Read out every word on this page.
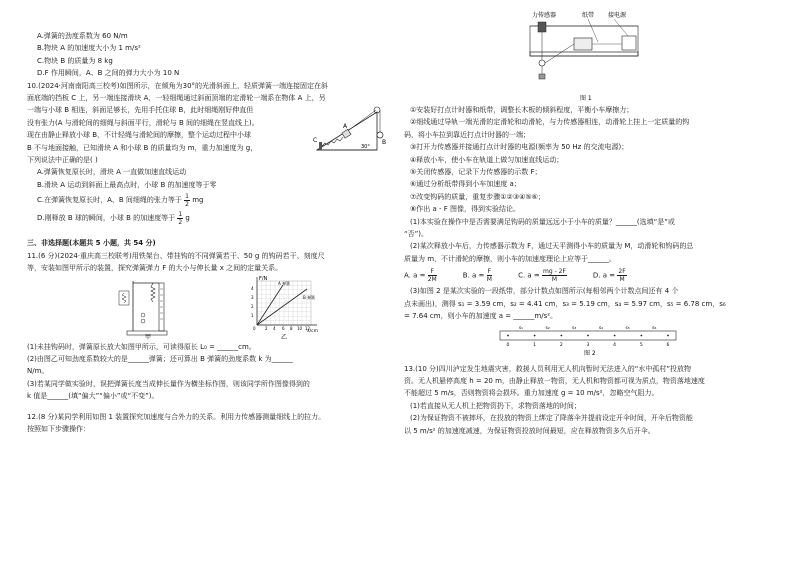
A.弹簧的劲度系数为 60 N/m
B.物块 A 的加速度大小为 1 m/s²
C.物块 B 的质量为 8 kg
D.F 作用瞬间，A、B 之间的弹力大小为 10 N
10.(2024·河南南阳高三校考)如图所示，在倾角为30°的光滑斜面上，轻质弹簧一端连接固定在斜
面底端的挡板 C 上，另一端连接滑块 A，一轻细绳通过斜面顶端的定滑轮一端系在物体 A 上，另
一端与小球 B 相连，斜面足够长，先用手托住球 B，此时细绳刚好伸直但
没有张力(A 与滑轮间的细绳与斜面平行，滑轮与 B 间的细绳在竖直线上)。
现在由静止释放小球 B，不计轻绳与滑轮间的摩擦，整个运动过程中小球
B 不与地面接触，已知滑块 A 和小球 B 的质量均为 m，重力加速度为 g，
下列说法中正确的是( )
A
B
C
30°
A.弹簧恢复原长时，滑块 A 一直做加速直线运动
B.滑块 A 运动到斜面上最高点时，小球 B 的加速度等于零
C.在弹簧恢复原长时，A、B 间细绳的张力等于 $\frac{1}{2}$ mg
D.刚释放 B 球的瞬间，小球 B 的加速度等于 $\frac{1}{2}$ g
三、非选择题(本题共 5 小题，共 54 分)
11.(6 分)(2024·重庆高三校联考)用铁架台、带挂钩的不同弹簧若干、50 g 的钩码若干、刻度尺
等，安装如图甲所示的装置，探究弹簧弹力 F 的大小与伸长量 x 之间的定量关系。
甲
F/N
x/cm
A 弹簧
B 弹簧
4
3
2
1
0 2 4 6 8 10 12
乙
(1)未挂钩码时，弹簧原长放大如图甲所示，可读得原长 L₀ = ______cm。
(2)由图乙可知劲度系数较大的是______弹簧；还可算出 B 弹簧的劲度系数 k 为______
N/m。
(3)若某同学做实验时，误把弹簧长度当成伸长量作为横坐标作图，则该同学所作图像得到的
k 值是______(填“偏大”“偏小”或“不变”)。
12.(8 分)某同学利用如图 1 装置探究加速度与合外力的关系。利用力传感器测量细线上的拉力。
按照如下步骤操作：
力传感器	纸带 接电源
图 1
①安装好打点计时器和纸带，调整长木板的倾斜程度，平衡小车摩擦力；
②细线通过导轨一端光滑的定滑轮和动滑轮，与力传感器相连，动滑轮上挂上一定质量的钩
码，将小车拉到靠近打点计时器的一端；
③打开力传感器并接通打点计时器的电源(频率为 50 Hz 的交流电源)；
④释放小车，使小车在轨道上做匀加速直线运动；
⑤关闭传感器，记录下力传感器的示数 F；
⑥通过分析纸带得到小车加速度 a；
⑦改变钩码的质量，重复步骤①②③④⑤⑥；
⑧作出 a - F 图像，得到实验结论。
(1)本实验在操作中是否需要满足钩码的质量远远小于小车的质量？______(选填“是”或
“否”)。
(2)某次释放小车后，力传感器示数为 F，通过天平测得小车的质量为 M，动滑轮和钩码的总
质量为 m，不计滑轮的摩擦，则小车的加速度理论上应等于______。
A. $a = \frac{F}{2M}$	B. $a = \frac{F}{M}$	C. $a = \frac{mg - 2F}{M}$	D. $a = \frac{2F}{M}$
(3)如图 2 是某次实验的一段纸带，部分计数点如图所示(每相邻两个计数点间还有 4 个
点未画出)，测得 s₁ = 3.59 cm，s₂ = 4.41 cm，s₃ = 5.19 cm，s₄ = 5.97 cm，s₅ = 6.78 cm，s₆
= 7.64 cm，则小车的加速度 a = ______m/s²。
0	1	2	3	4	5	6
s₁	s₂	s₃	s₄	s₅	s₆
图 2
13.(10 分)四川泸定发生地震灾害，救援人员利用无人机向暂时无法进入的“水中孤村”投放物
资。无人机悬停高度 h = 20 m，由静止释放一物资，无人机和物资都可视为质点，物资落地速度
不能超过 5 m/s，否则物资将会损坏。重力加速度 g = 10 m/s²，忽略空气阻力。
(1)若直接从无人机上把物资扔下，求物资落地的时间；
(2)为保证物资不被摔坏，在投放的物资上绑定了降落伞并提前设定开伞时间，开伞后物资能
以 5 m/s² 的加速度减速，为保证物资投放时间最短，应在释放物资多久后开伞。
